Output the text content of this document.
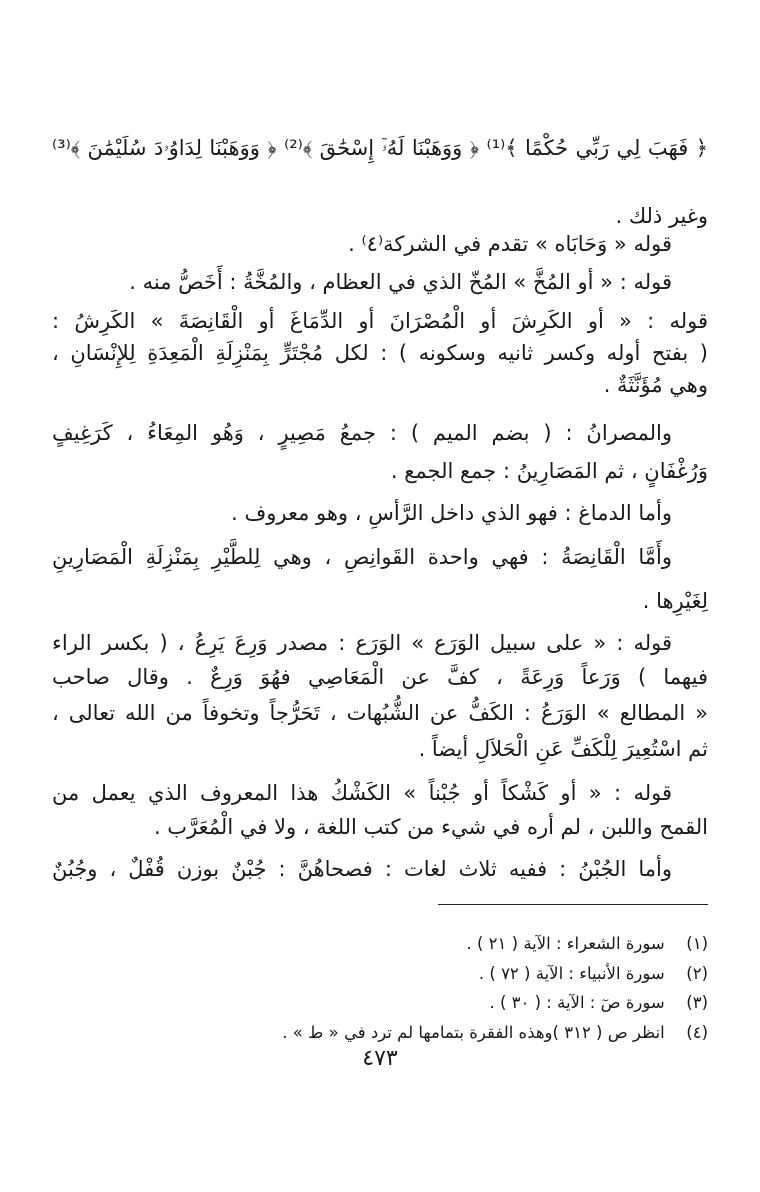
﴿ فَهَبَ لِي رَبِّي حُكْمًا ﴾⁽¹⁾ ﴿ وَوَهَبْنَا لَهُۥٓ إِسْحَٰقَ ﴾⁽²⁾ ﴿ وَوَهَبْنَا لِدَاوُۥدَ سُلَيْمَٰنَ ﴾⁽³⁾
وغير ذلك .
قوله « وَحَابَاه » تقدم في الشركة⁽٤⁾ .
قوله : « أو المُخَّ » المُخّ الذي في العظام ، والمُخَّةُ : أَخَصُّ منه .
قوله : « أو الكَرِشَ أو الْمُصْرَانَ أو الدِّمَاغَ أو الْقَانِصَةَ » الكَرِشُ :
( بفتح أوله وكسر ثانيه وسكونه ) : لكل مُجْتَرٍّ بِمَنْزِلَةِ الْمَعِدَةِ لِلإِنْسَانِ ،
وهي مُؤَنَّثَةٌ .
والمصرانُ : ( بضم الميم ) : جمعُ مَصِيرٍ ، وَهُو المِعَاءُ ، كَرَغِيفٍ
وَرُغْفَانٍ ، ثم المَصَارِينُ : جمع الجمع .
وأما الدماغ : فهو الذي داخل الرَّأسِ ، وهو معروف .
وأَمَّا الْقَانِصَةُ : فهي واحدة القَوانِصِ ، وهي لِلطَّيْرِ بِمَنْزِلَةِ الْمَصَارِينِ
لِغَيْرِها .
قوله : « على سبيل الوَرَع » الوَرَع : مصدر وَرِعَ يَرِعُ ، ( بكسر الراء
فيهما ) وَرَعاً وَرِعَةً ، كفَّ عن الْمَعَاصِي فهُوَ وَرِعٌ . وقال صاحب
« المطالع » الوَرَعُ : الكَفُّ عن الشُّبُهات ، تَحَرُّجاً وتخوفاً من الله تعالى ،
ثم اسْتُعِيرَ لِلْكَفِّ عَنِ الْحَلاَلِ أيضاً .
قوله : « أو كَشْكاً أو جُبْناً » الكَشْكُ هذا المعروف الذي يعمل من
القمح واللبن ، لم أره في شيء من كتب اللغة ، ولا في الْمُعَرَّب .
وأما الجُبْنُ : ففيه ثلاث لغات : فصحاهُنَّ : جُبْنٌ بوزن قُفْلٌ ، وجُبُنٌ
(١) سورة الشعراء : الآية ( ٢١ ) .
(٢) سورة الأنبياء : الآية ( ٧٢ ) .
(٣) سورة صٓ : الآية : ( ٣٠ ) .
(٤) انظر ص ( ٣١٢ )وهذه الفقرة بتمامها لم ترد في « ط » .
٤٧٣
